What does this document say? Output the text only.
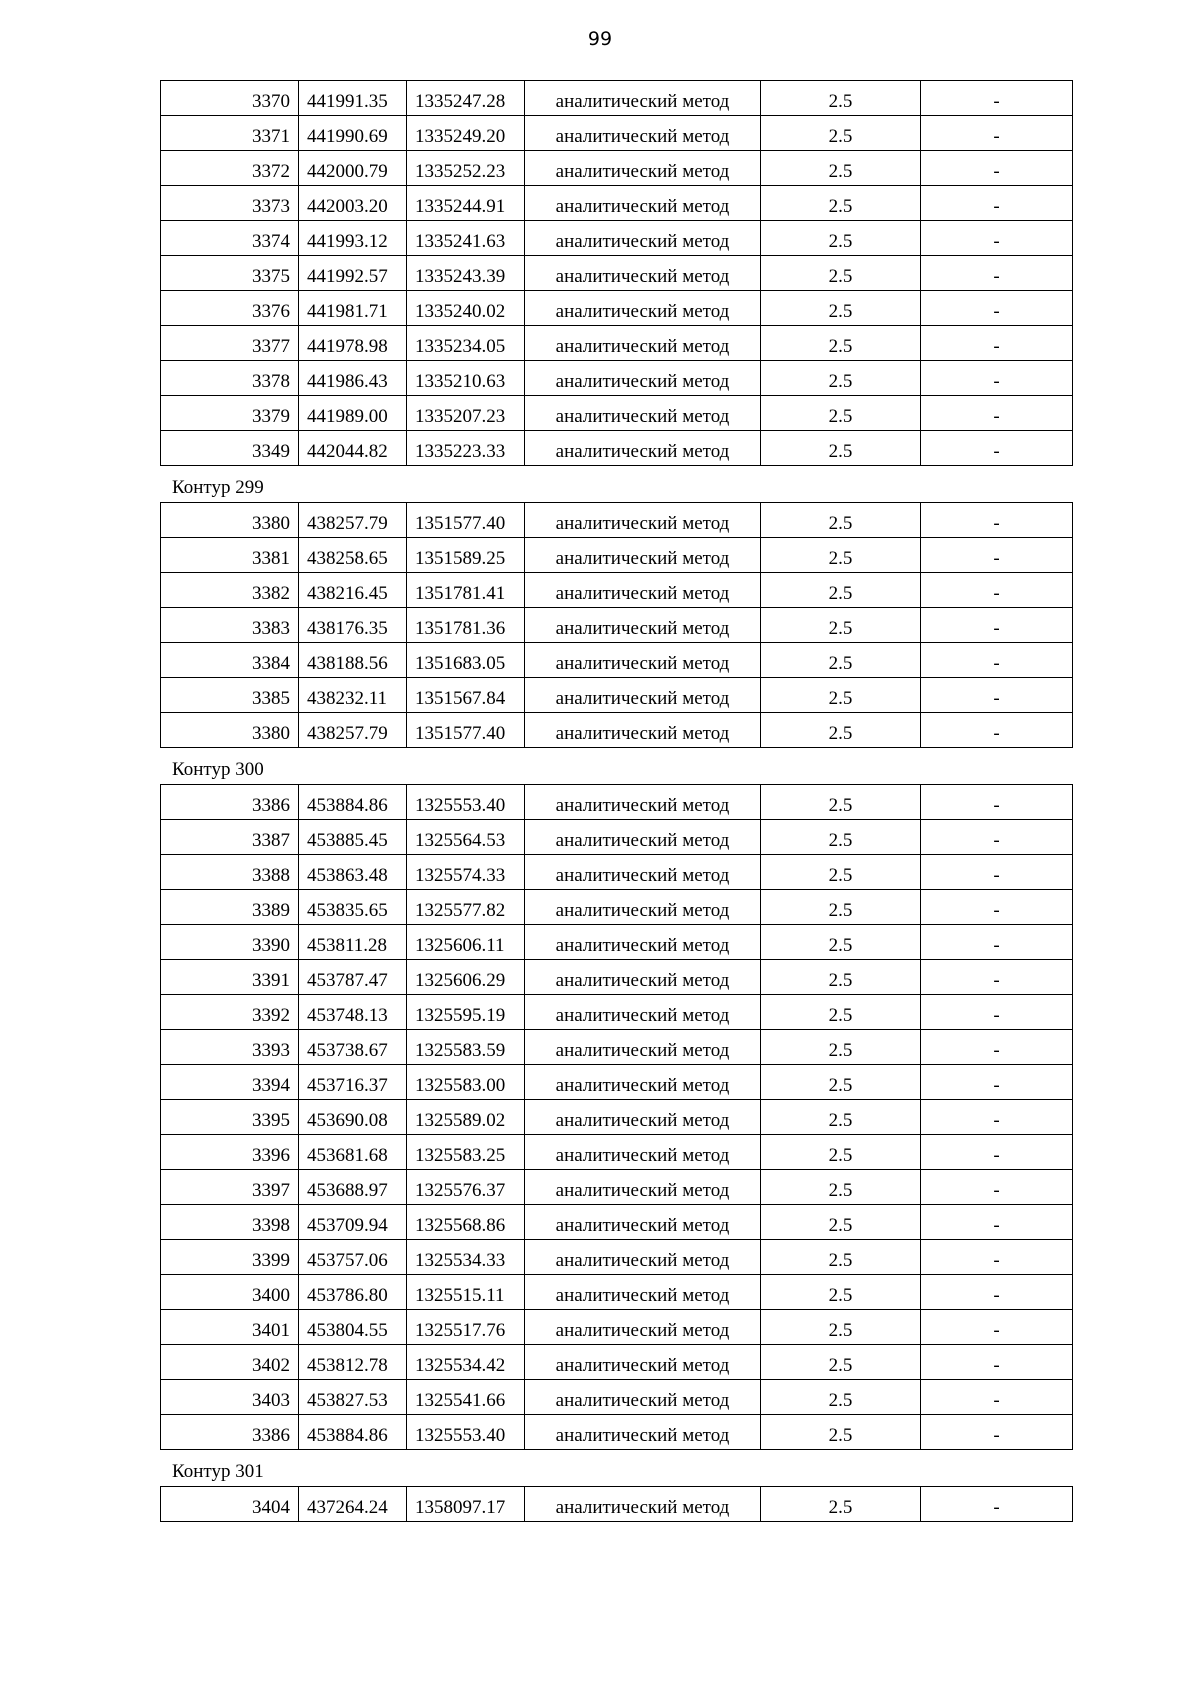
99
3370	441991.35	1335247.28	аналитический метод	2.5	-
3371	441990.69	1335249.20	аналитический метод	2.5	-
3372	442000.79	1335252.23	аналитический метод	2.5	-
3373	442003.20	1335244.91	аналитический метод	2.5	-
3374	441993.12	1335241.63	аналитический метод	2.5	-
3375	441992.57	1335243.39	аналитический метод	2.5	-
3376	441981.71	1335240.02	аналитический метод	2.5	-
3377	441978.98	1335234.05	аналитический метод	2.5	-
3378	441986.43	1335210.63	аналитический метод	2.5	-
3379	441989.00	1335207.23	аналитический метод	2.5	-
3349	442044.82	1335223.33	аналитический метод	2.5	-
Контур 299
3380	438257.79	1351577.40	аналитический метод	2.5	-
3381	438258.65	1351589.25	аналитический метод	2.5	-
3382	438216.45	1351781.41	аналитический метод	2.5	-
3383	438176.35	1351781.36	аналитический метод	2.5	-
3384	438188.56	1351683.05	аналитический метод	2.5	-
3385	438232.11	1351567.84	аналитический метод	2.5	-
3380	438257.79	1351577.40	аналитический метод	2.5	-
Контур 300
3386	453884.86	1325553.40	аналитический метод	2.5	-
3387	453885.45	1325564.53	аналитический метод	2.5	-
3388	453863.48	1325574.33	аналитический метод	2.5	-
3389	453835.65	1325577.82	аналитический метод	2.5	-
3390	453811.28	1325606.11	аналитический метод	2.5	-
3391	453787.47	1325606.29	аналитический метод	2.5	-
3392	453748.13	1325595.19	аналитический метод	2.5	-
3393	453738.67	1325583.59	аналитический метод	2.5	-
3394	453716.37	1325583.00	аналитический метод	2.5	-
3395	453690.08	1325589.02	аналитический метод	2.5	-
3396	453681.68	1325583.25	аналитический метод	2.5	-
3397	453688.97	1325576.37	аналитический метод	2.5	-
3398	453709.94	1325568.86	аналитический метод	2.5	-
3399	453757.06	1325534.33	аналитический метод	2.5	-
3400	453786.80	1325515.11	аналитический метод	2.5	-
3401	453804.55	1325517.76	аналитический метод	2.5	-
3402	453812.78	1325534.42	аналитический метод	2.5	-
3403	453827.53	1325541.66	аналитический метод	2.5	-
3386	453884.86	1325553.40	аналитический метод	2.5	-
Контур 301
3404	437264.24	1358097.17	аналитический метод	2.5	-
